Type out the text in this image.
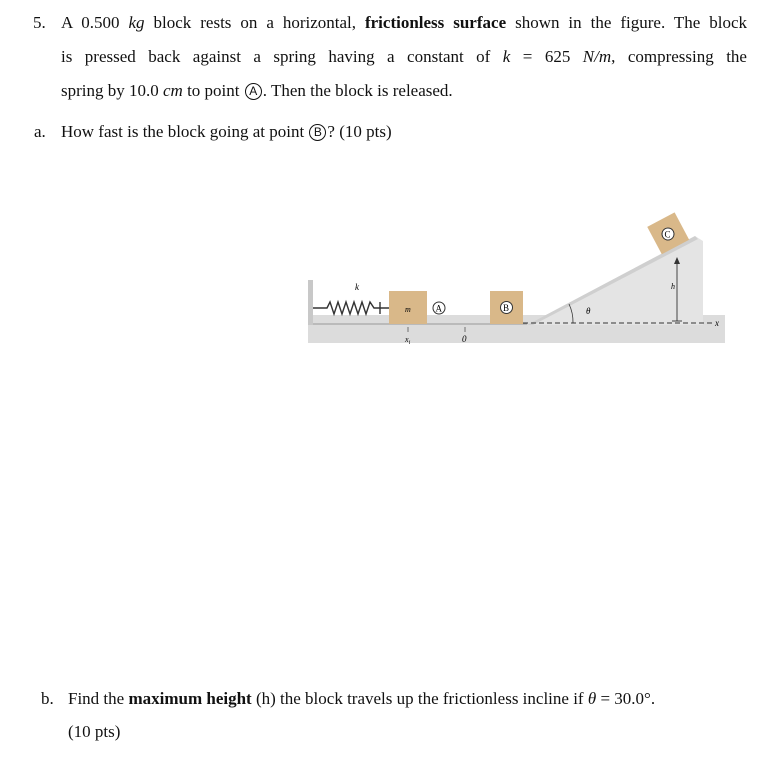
5. A 0.500 kg block rests on a horizontal, frictionless surface shown in the figure. The block
is pressed back against a spring having a constant of k = 625 N/m, compressing the
spring by 10.0 cm to point A . Then the block is released.
a. How fast is the block going at point B ? (10 pts)
k
m	A
$x_i$	0
B
x
θ
C
h
b. Find the maximum height (h) the block travels up the frictionless incline if θ = 30.0°.
(10 pts)
